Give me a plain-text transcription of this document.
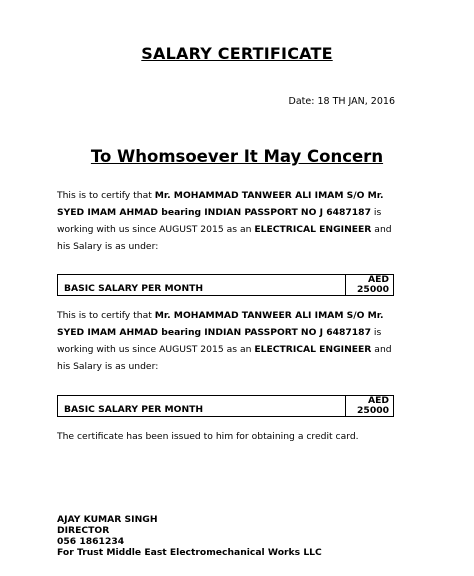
SALARY CERTIFICATE
Date: 18 TH JAN, 2016
To Whomsoever It May Concern
This is to certify that Mr. MOHAMMAD TANWEER ALI IMAM S/O Mr. SYED IMAM AHMAD bearing INDIAN PASSPORT NO J 6487187 is working with us since AUGUST 2015 as an ELECTRICAL ENGINEER and his Salary is as under:
BASIC SALARY PER MONTH
AED
25000
This is to certify that Mr. MOHAMMAD TANWEER ALI IMAM S/O Mr. SYED IMAM AHMAD bearing INDIAN PASSPORT NO J 6487187 is working with us since AUGUST 2015 as an ELECTRICAL ENGINEER and his Salary is as under:
BASIC SALARY PER MONTH
AED
25000
The certificate has been issued to him for obtaining a credit card.
AJAY KUMAR SINGH
DIRECTOR
056 1861234
For Trust Middle East Electromechanical Works LLC
